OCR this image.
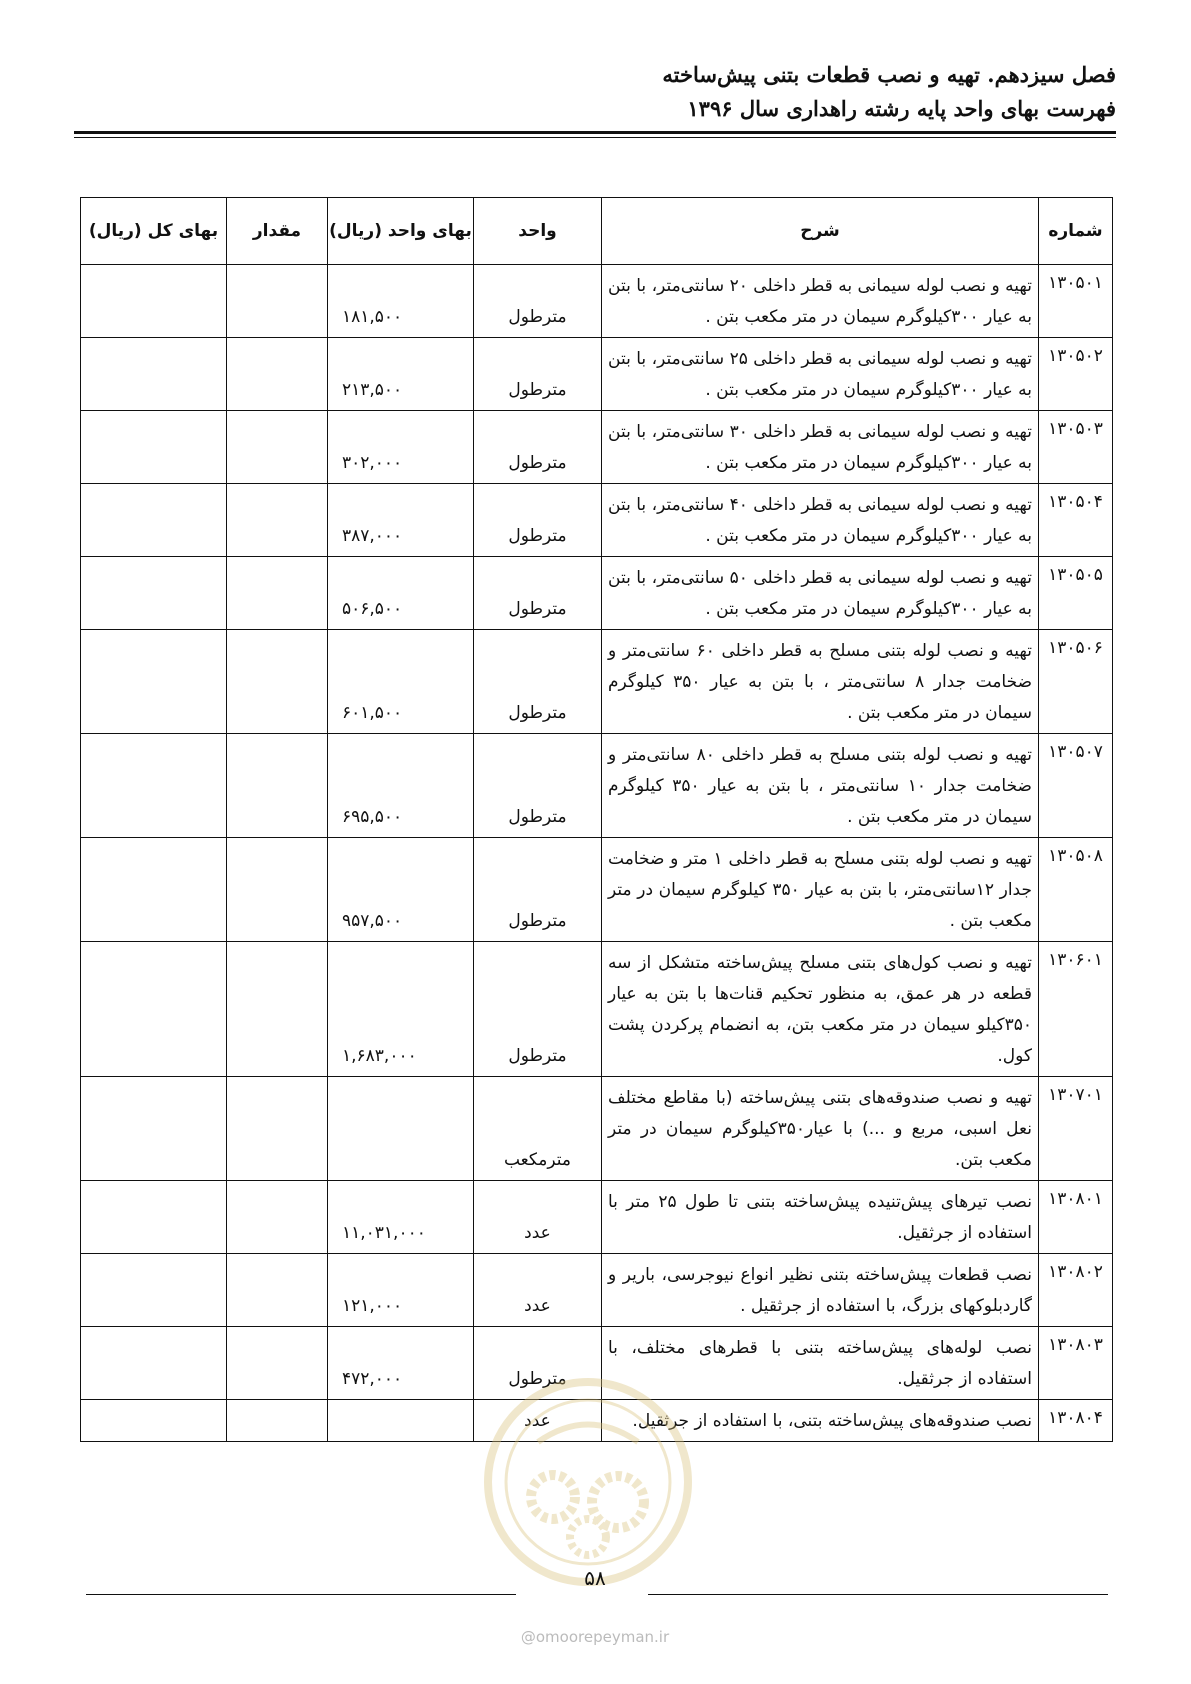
فصل سیزدهم. تهیه و نصب قطعات بتنی پیش‌ساخته
فهرست بهای واحد پایه رشته راهداری سال ۱۳۹۶
شماره	شرح	واحد	بهای واحد (ریال)	مقدار	بهای کل (ریال)
۱۳۰۵۰۱	تهیه و نصب لوله سیمانی به قطر داخلی ۲۰ سانتی‌متر، با بتن به عیار ۳۰۰کیلوگرم سیمان در متر مکعب بتن .	مترطول	۱۸۱,۵۰۰		
۱۳۰۵۰۲	تهیه و نصب لوله سیمانی به قطر داخلی ۲۵ سانتی‌متر، با بتن به عیار ۳۰۰کیلوگرم سیمان در متر مکعب بتن .	مترطول	۲۱۳,۵۰۰		
۱۳۰۵۰۳	تهیه و نصب لوله سیمانی به قطر داخلی ۳۰ سانتی‌متر، با بتن به عیار ۳۰۰کیلوگرم سیمان در متر مکعب بتن .	مترطول	۳۰۲,۰۰۰		
۱۳۰۵۰۴	تهیه و نصب لوله سیمانی به قطر داخلی ۴۰ سانتی‌متر، با بتن به عیار ۳۰۰کیلوگرم سیمان در متر مکعب بتن .	مترطول	۳۸۷,۰۰۰		
۱۳۰۵۰۵	تهیه و نصب لوله سیمانی به قطر داخلی ۵۰ سانتی‌متر، با بتن به عیار ۳۰۰کیلوگرم سیمان در متر مکعب بتن .	مترطول	۵۰۶,۵۰۰		
۱۳۰۵۰۶	تهیه و نصب لوله بتنی مسلح به قطر داخلی ۶۰ سانتی‌متر و ضخامت جدار ۸ سانتی‌متر ، با بتن به عیار ۳۵۰ کیلوگرم سیمان در متر مکعب بتن .	مترطول	۶۰۱,۵۰۰		
۱۳۰۵۰۷	تهیه و نصب لوله بتنی مسلح به قطر داخلی ۸۰ سانتی‌متر و ضخامت جدار ۱۰ سانتی‌متر ، با بتن به عیار ۳۵۰ کیلوگرم سیمان در متر مکعب بتن .	مترطول	۶۹۵,۵۰۰		
۱۳۰۵۰۸	تهیه و نصب لوله بتنی مسلح به قطر داخلی ۱ متر و ضخامت جدار ۱۲سانتی‌متر، با بتن به عیار ۳۵۰ کیلوگرم سیمان در متر مکعب بتن .	مترطول	۹۵۷,۵۰۰		
۱۳۰۶۰۱	تهیه و نصب کول‌های بتنی مسلح پیش‌ساخته متشکل از سه قطعه در هر عمق، به منظور تحکیم قنات‌ها با بتن به عیار ۳۵۰کیلو سیمان در متر مکعب بتن، به انضمام پرکردن پشت کول.	مترطول	۱,۶۸۳,۰۰۰		
۱۳۰۷۰۱	تهیه و نصب صندوقه‌های بتنی پیش‌ساخته (با مقاطع مختلف نعل اسبی، مربع و ...) با عیار۳۵۰کیلوگرم سیمان در متر مکعب بتن.	مترمکعب			
۱۳۰۸۰۱	نصب تیرهای پیش‌تنیده پیش‌ساخته بتنی تا طول ۲۵ متر با استفاده از جرثقیل.	عدد	۱۱,۰۳۱,۰۰۰		
۱۳۰۸۰۲	نصب قطعات پیش‌ساخته بتنی نظیر انواع نیوجرسی، باریر و گاردبلوکهای بزرگ، با استفاده از جرثقیل .	عدد	۱۲۱,۰۰۰		
۱۳۰۸۰۳	نصب لوله‌های پیش‌ساخته بتنی با قطرهای مختلف، با استفاده از جرثقیل.	مترطول	۴۷۲,۰۰۰		
۱۳۰۸۰۴	نصب صندوقه‌های پیش‌ساخته بتنی، با استفاده از جرثقیل.	عدد			
۵۸
@omoorepeyman.ir
